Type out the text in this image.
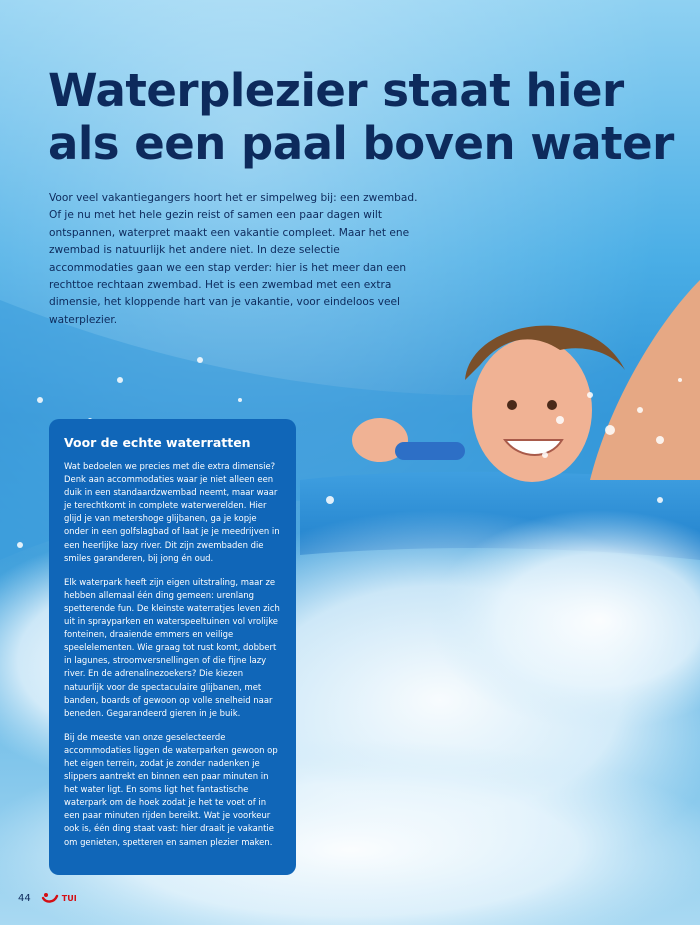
Waterplezier staat hier als een paal boven water

Voor veel vakantiegangers hoort het er simpelweg bij: een zwembad. Of je nu met het hele gezin reist of samen een paar dagen wilt ontspannen, waterpret maakt een vakantie compleet. Maar het ene zwembad is natuurlijk het andere niet. In deze selectie accommodaties gaan we een stap verder: hier is het meer dan een rechttoe rechtaan zwembad. Het is een zwembad met een extra dimensie, het kloppende hart van je vakantie, voor eindeloos veel waterplezier.

Voor de echte waterratten

Wat bedoelen we precies met die extra dimensie? Denk aan accommodaties waar je niet alleen een duik in een standaardzwembad neemt, maar waar je terechtkomt in complete waterwerelden. Hier glijd je van metershoge glijbanen, ga je kopje onder in een golfslagbad of laat je je meedrijven in een heerlijke lazy river. Dit zijn zwembaden die smiles garanderen, bij jong én oud.

Elk waterpark heeft zijn eigen uitstraling, maar ze hebben allemaal één ding gemeen: urenlang spetterende fun. De kleinste waterratjes leven zich uit in sprayparken en waterspeeltuinen vol vrolijke fonteinen, draaiende emmers en veilige speelelementen. Wie graag tot rust komt, dobbert in lagunes, stroomversnellingen of die fijne lazy river. En de adrenalinezoekers? Die kiezen natuurlijk voor de spectaculaire glijbanen, met banden, boards of gewoon op volle snelheid naar beneden. Gegarandeerd gieren in je buik.

Bij de meeste van onze geselecteerde accommodaties liggen de waterparken gewoon op het eigen terrein, zodat je zonder nadenken je slippers aantrekt en binnen een paar minuten in het water ligt. En soms ligt het fantastische waterpark om de hoek zodat je het te voet of in een paar minuten rijden bereikt. Wat je voorkeur ook is, één ding staat vast: hier draait je vakantie om genieten, spetteren en samen plezier maken.

44	TUI
